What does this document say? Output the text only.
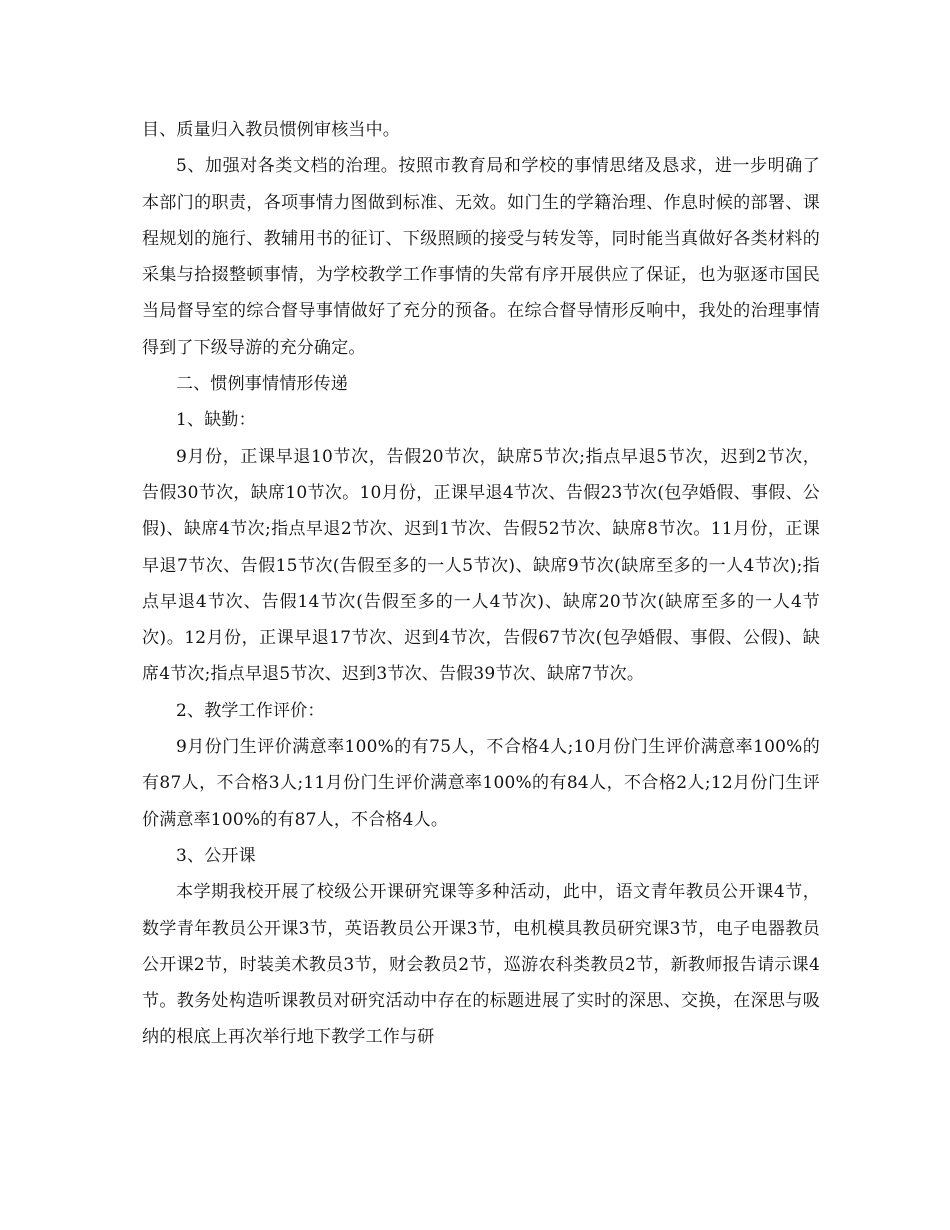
目、质量归入教员惯例审核当中。

5、加强对各类文档的治理。按照市教育局和学校的事情思绪及恳求，进一步明确了本部门的职责，各项事情力图做到标准、无效。如门生的学籍治理、作息时候的部署、课程规划的施行、教辅用书的征订、下级照顾的接受与转发等，同时能当真做好各类材料的采集与拾掇整顿事情，为学校教学工作事情的失常有序开展供应了保证，也为驱逐市国民当局督导室的综合督导事情做好了充分的预备。在综合督导情形反响中，我处的治理事情得到了下级导游的充分确定。

二、惯例事情情形传递

1、缺勤：

9月份，正课早退10节次，告假20节次，缺席5节次;指点早退5节次，迟到2节次，告假30节次，缺席10节次。10月份，正课早退4节次、告假23节次(包孕婚假、事假、公假)、缺席4节次;指点早退2节次、迟到1节次、告假52节次、缺席8节次。11月份，正课早退7节次、告假15节次(告假至多的一人5节次)、缺席9节次(缺席至多的一人4节次);指点早退4节次、告假14节次(告假至多的一人4节次)、缺席20节次(缺席至多的一人4节次)。12月份，正课早退17节次、迟到4节次，告假67节次(包孕婚假、事假、公假)、缺席4节次;指点早退5节次、迟到3节次、告假39节次、缺席7节次。

2、教学工作评价：

9月份门生评价满意率100%的有75人，不合格4人;10月份门生评价满意率100%的有87人，不合格3人;11月份门生评价满意率100%的有84人，不合格2人;12月份门生评价满意率100%的有87人，不合格4人。

3、公开课

本学期我校开展了校级公开课研究课等多种活动，此中，语文青年教员公开课4节，数学青年教员公开课3节，英语教员公开课3节，电机模具教员研究课3节，电子电器教员公开课2节，时装美术教员3节，财会教员2节，巡游农科类教员2节，新教师报告请示课4节。教务处构造听课教员对研究活动中存在的标题进展了实时的深思、交换，在深思与吸纳的根底上再次举行地下教学工作与研
